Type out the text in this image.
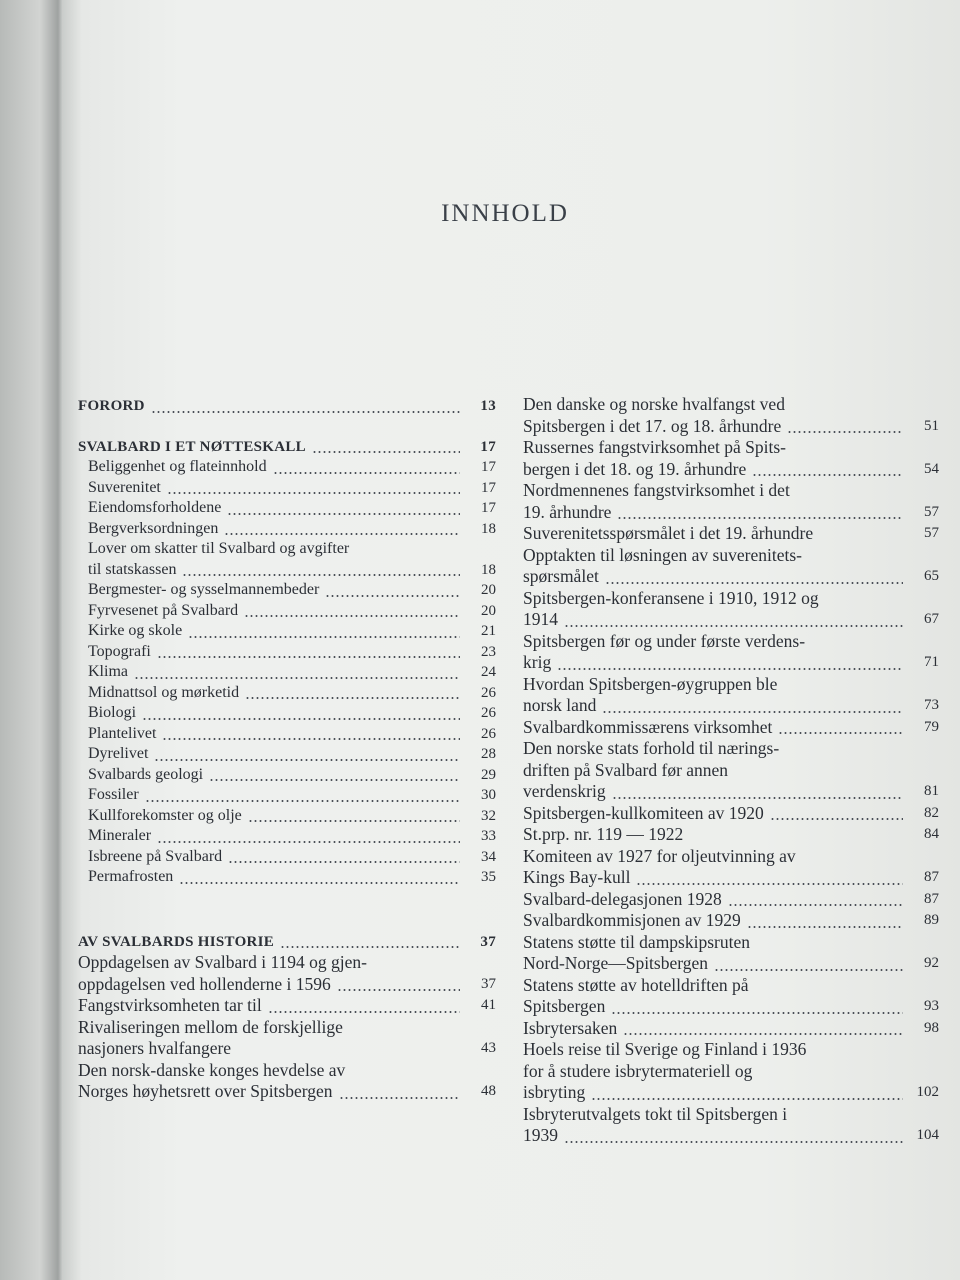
INNHOLD
FORORD	13
SVALBARD I ET NØTTESKALL	17
Beliggenhet og flateinnhold	17
Suverenitet	17
Eiendomsforholdene	17
Bergverksordningen	18
Lover om skatter til Svalbard og avgifter
til statskassen	18
Bergmester- og sysselmannembeder	20
Fyrvesenet på Svalbard	20
Kirke og skole	21
Topografi	23
Klima	24
Midnattsol og mørketid	26
Biologi	26
Plantelivet	26
Dyrelivet	28
Svalbards geologi	29
Fossiler	30
Kullforekomster og olje	32
Mineraler	33
Isbreene på Svalbard	34
Permafrosten	35
AV SVALBARDS HISTORIE	37
Oppdagelsen av Svalbard i 1194 og gjen-
oppdagelsen ved hollenderne i 1596	37
Fangstvirksomheten tar til	41
Rivaliseringen mellom de forskjellige
nasjoners hvalfangere	43
Den norsk-danske konges hevdelse av
Norges høyhetsrett over Spitsbergen	48
Den danske og norske hvalfangst ved
Spitsbergen i det 17. og 18. århundre	51
Russernes fangstvirksomhet på Spits-
bergen i det 18. og 19. århundre	54
Nordmennenes fangstvirksomhet i det
19. århundre	57
Suverenitetsspørsmålet i det 19. århundre	57
Opptakten til løsningen av suverenitets-
spørsmålet	65
Spitsbergen-konferansene i 1910, 1912 og
1914	67
Spitsbergen før og under første verdens-
krig	71
Hvordan Spitsbergen-øygruppen ble
norsk land	73
Svalbardkommissærens virksomhet	79
Den norske stats forhold til nærings-
driften på Svalbard før annen
verdenskrig	81
Spitsbergen-kullkomiteen av 1920	82
St.prp. nr. 119 — 1922	84
Komiteen av 1927 for oljeutvinning av
Kings Bay-kull	87
Svalbard-delegasjonen 1928	87
Svalbardkommisjonen av 1929	89
Statens støtte til dampskipsruten
Nord-Norge—Spitsbergen	92
Statens støtte av hotelldriften på
Spitsbergen	93
Isbrytersaken	98
Hoels reise til Sverige og Finland i 1936
for å studere isbrytermateriell og
isbryting	102
Isbryterutvalgets tokt til Spitsbergen i
1939	104
